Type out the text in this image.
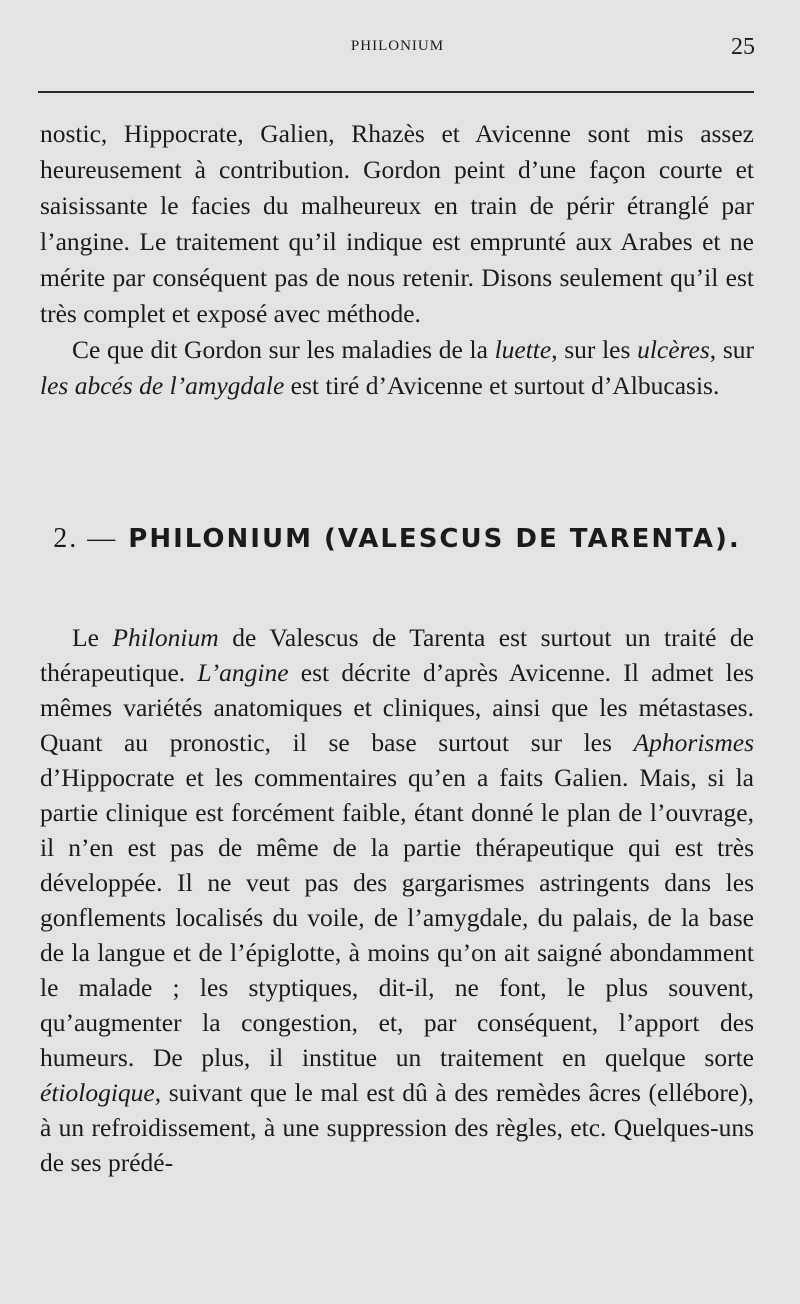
PHILONIUM	25

nostic, Hippocrate, Galien, Rhazès et Avicenne sont mis assez heureusement à contribution. Gordon peint d’une façon courte et saisissante le facies du malheureux en train de périr étranglé par l’angine. Le traitement qu’il indique est emprunté aux Arabes et ne mérite par conséquent pas de nous retenir. Disons seulement qu’il est très complet et exposé avec méthode.

Ce que dit Gordon sur les maladies de la luette, sur les ulcères, sur les abcés de l’amygdale est tiré d’Avicenne et surtout d’Albucasis.

2. — PHILONIUM (VALESCUS DE TARENTA).

Le Philonium de Valescus de Tarenta est surtout un traité de thérapeutique. L’angine est décrite d’après Avicenne. Il admet les mêmes variétés anatomiques et cliniques, ainsi que les métastases. Quant au pronostic, il se base surtout sur les Aphorismes d’Hippocrate et les commentaires qu’en a faits Galien. Mais, si la partie clinique est forcément faible, étant donné le plan de l’ouvrage, il n’en est pas de même de la partie thérapeutique qui est très développée. Il ne veut pas des gargarismes astringents dans les gonflements localisés du voile, de l’amygdale, du palais, de la base de la langue et de l’épiglotte, à moins qu’on ait saigné abondamment le malade ; les styptiques, dit-il, ne font, le plus souvent, qu’augmenter la congestion, et, par conséquent, l’apport des humeurs. De plus, il institue un traitement en quelque sorte étiologique, suivant que le mal est dû à des remèdes âcres (ellébore), à un refroidissement, à une suppression des règles, etc. Quelques-uns de ses prédé-
